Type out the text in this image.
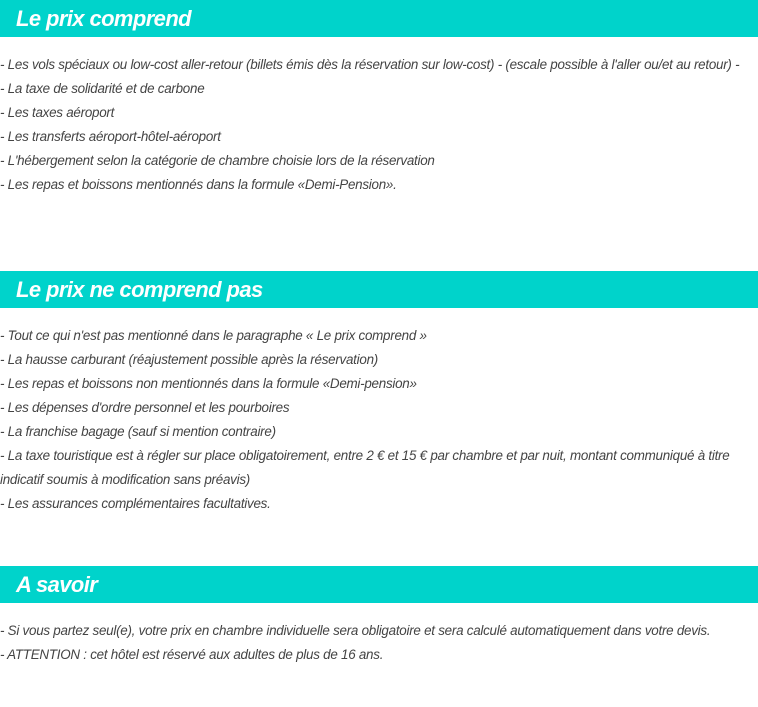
Le prix comprend
- Les vols spéciaux ou low-cost aller-retour (billets émis dès la réservation sur low-cost) - (escale possible à l'aller ou/et au retour) -
- La taxe de solidarité et de carbone
- Les taxes aéroport
- Les transferts aéroport-hôtel-aéroport
- L'hébergement selon la catégorie de chambre choisie lors de la réservation
- Les repas et boissons mentionnés dans la formule «Demi-Pension».
Le prix ne comprend pas
- Tout ce qui n'est pas mentionné dans le paragraphe « Le prix comprend »
- La hausse carburant (réajustement possible après la réservation)
- Les repas et boissons non mentionnés dans la formule «Demi-pension»
- Les dépenses d'ordre personnel et les pourboires
- La franchise bagage (sauf si mention contraire)
- La taxe touristique est à régler sur place obligatoirement, entre 2 € et 15 € par chambre et par nuit, montant communiqué à titre indicatif soumis à modification sans préavis)
- Les assurances complémentaires facultatives.
A savoir
- Si vous partez seul(e), votre prix en chambre individuelle sera obligatoire et sera calculé automatiquement dans votre devis.
- ATTENTION : cet hôtel est réservé aux adultes de plus de 16 ans.
